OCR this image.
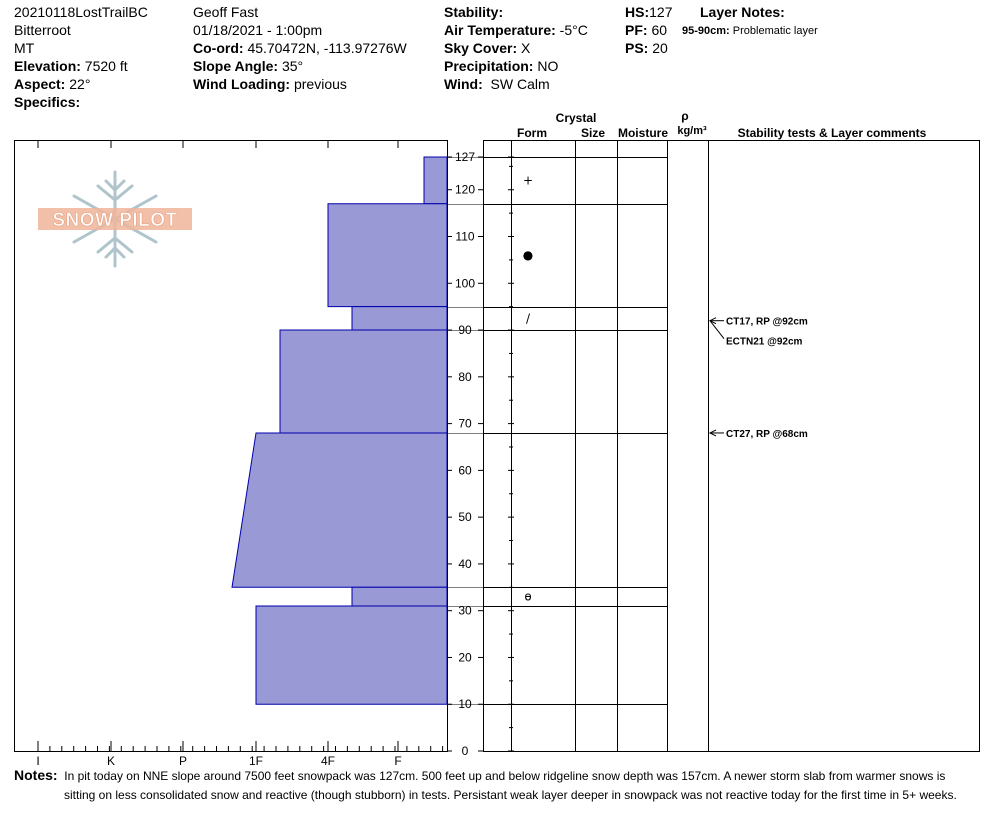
20210118LostTrailBC
Bitterroot
MT
Elevation: 7520 ft
Aspect: 22°
Specifics:
Geoff Fast
01/18/2021 - 1:00pm
Co-ord: 45.70472N, -113.97276W
Slope Angle: 35°
Wind Loading: previous
Stability:
Air Temperature: -5°C
Sky Cover: X
Precipitation: NO
Wind: SW Calm
HS:127
PF: 60
PS: 20
Layer Notes:
95-90cm: Problematic layer
SNOW PILOT
127
120
110
100
90
80
70
60
50
40
30
20
10
0
I	K	P	1F	4F	F
+
●
/
ө
CT17, RP @92cm
ECTN21 @92cm
CT27, RP @68cm
Crystal
Form	Size Moisture
ρ
kg/m³	Stability tests & Layer comments
Notes: In pit today on NNE slope around 7500 feet snowpack was 127cm. 500 feet up and below ridgeline snow depth was 157cm. A newer storm slab from warmer snows is
sitting on less consolidated snow and reactive (though stubborn) in tests. Persistant weak layer deeper in snowpack was not reactive today for the first time in 5+ weeks.
